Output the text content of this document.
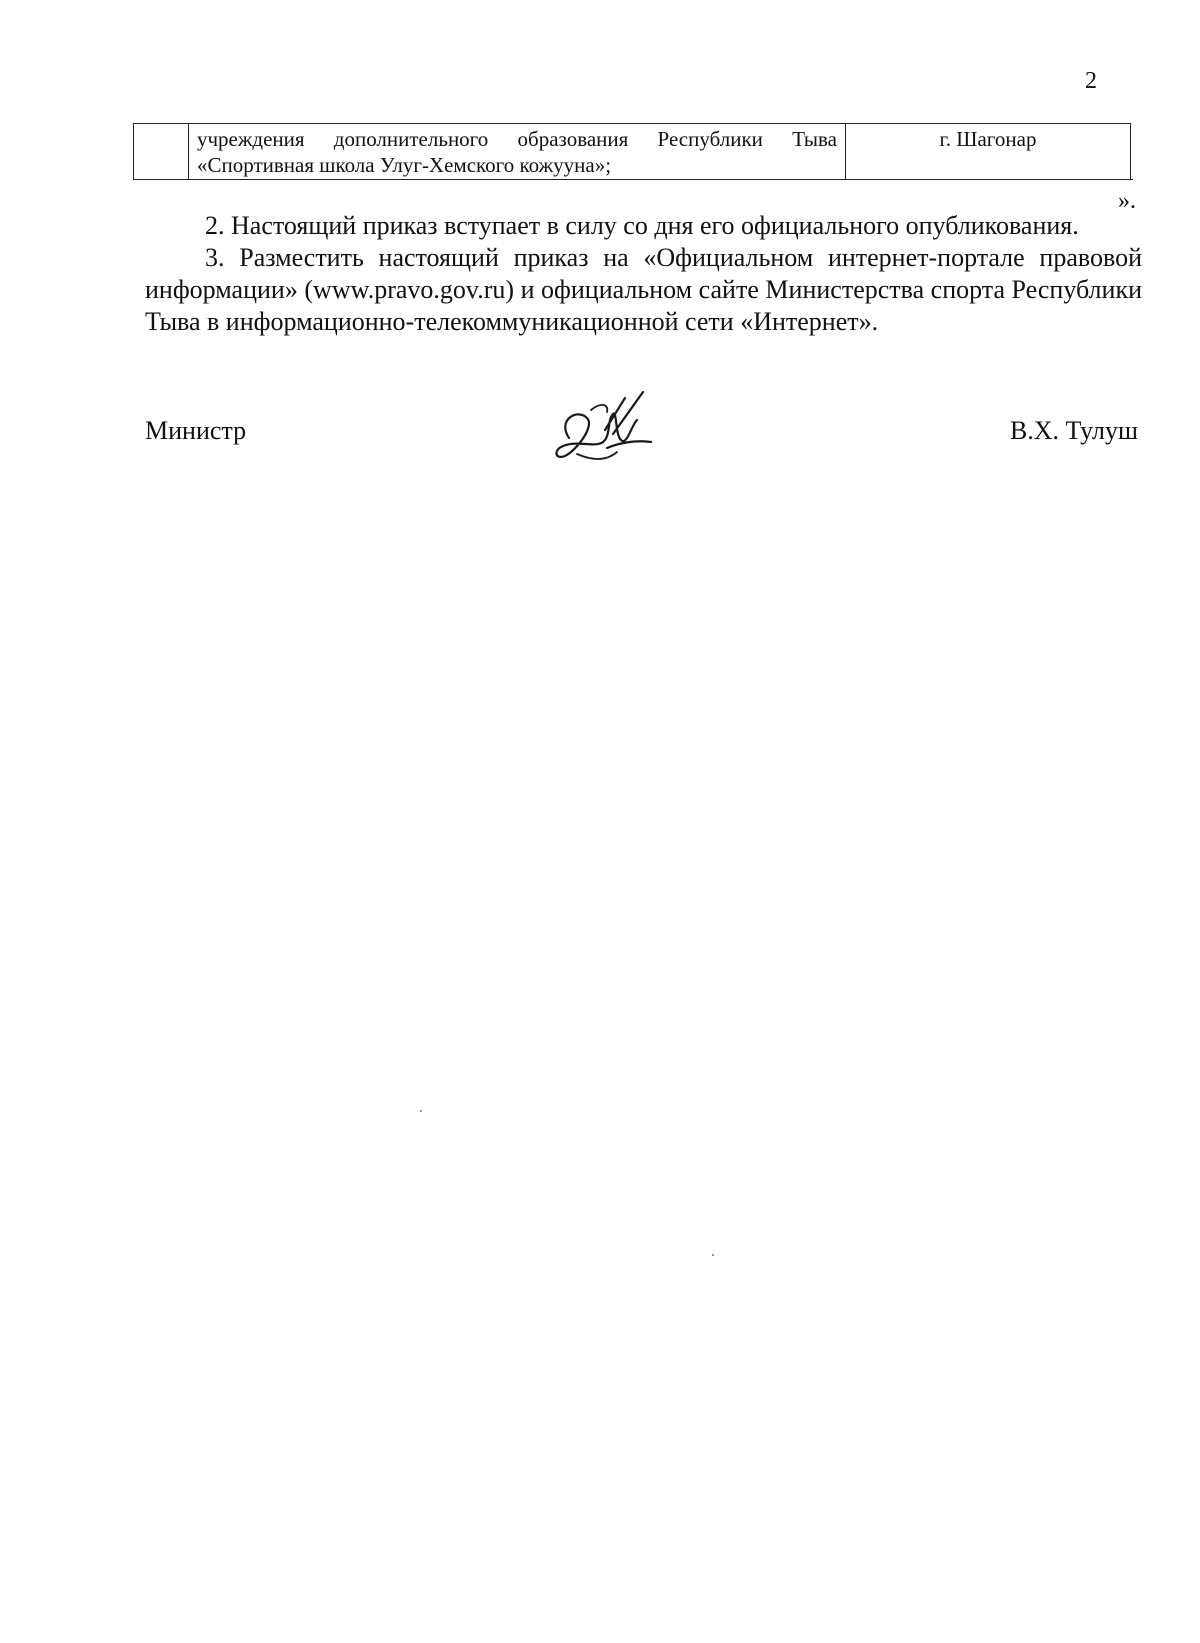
2

учреждения дополнительного образования Республики Тыва
«Спортивная школа Улуг-Хемского кожууна»;
	г. Шагонар
».

2. Настоящий приказ вступает в силу со дня его официального опубликования.

3. Разместить настоящий приказ на «Официальном интернет-портале правовой информации» (www.pravo.gov.ru) и официальном сайте Министерства спорта Республики Тыва в информационно-телекоммуникационной сети «Интернет».

Министр	В.Х. Тулуш
